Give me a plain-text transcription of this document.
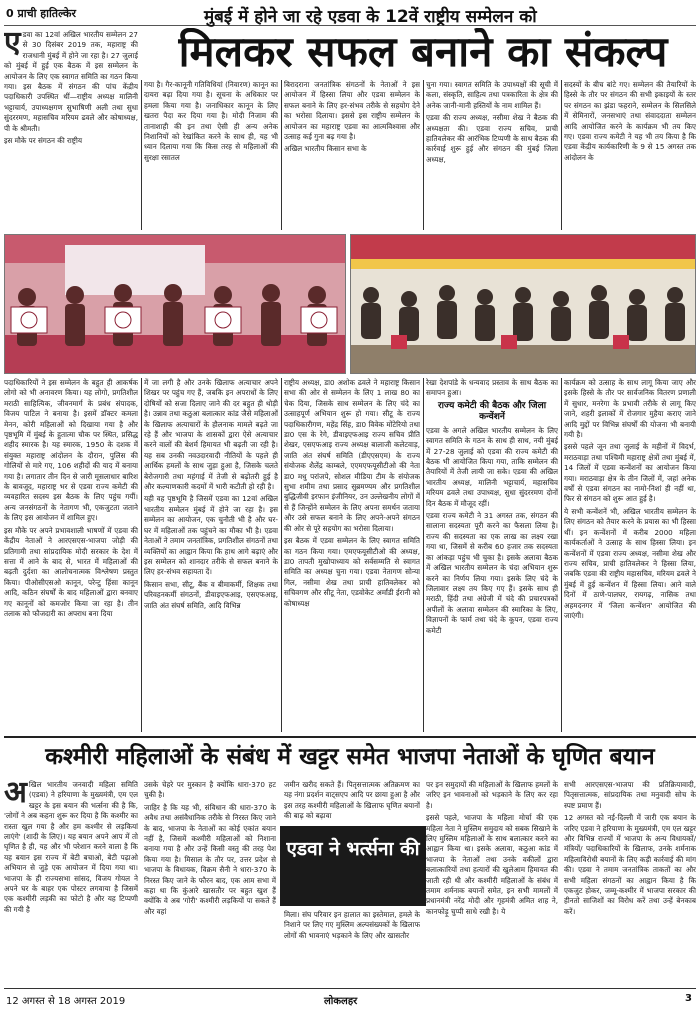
0 प्राची हातिल्केर	मुंबई में होने जा रहे एडवा के 12वें राष्ट्रीय सम्मेलन को
मिलकर सफल बनाने का संकल्प

एडवा का 12वां अखिल भारतीय सम्मेलन 27 से 30 दिसंबर 2019 तक, महाराष्ट्र की राजधानी मुंबई में होने जा रहा है। 27 जुलाई को मुंबई में हुई एक बैठक में इस सम्मेलन के आयोजन के लिए एक स्वागत समिति का गठन किया गया। इस बैठक में संगठन की पांच केंद्रीय पदाधिकारी उपस्थित थीं—राष्ट्रीय अध्यक्ष मालिनी भट्टाचार्य, उपाध्यक्षगण सुभाषिणी अली तथा सुधा सुंदररमण, महासचिव मरियम ढवले और कोषाध्यक्ष, पी के श्रीमती।

इस मौके पर संगठन की राष्ट्रीय

गया है। गैर-कानूनी गतिविधियां (निवारण) कानून का दायरा बढ़ा दिया गया है। सूचना के अधिकार पर हमला किया गया है। जनाधिकार कानून के लिए खतरा पैदा कर दिया गया है। मोदी निजाम की तानाशाही की इन तथा ऐसी ही अन्य अनेक निशानियों को रेखांकित करने के साथ ही, यह भी ध्यान दिलाया गया कि किस तरह से महिलाओं की सुरक्षा रसातल

बिरादराना जनतांत्रिक संगठनों के नेताओं ने इस आयोजन में हिस्सा लिया और एडवा सम्मेलन के सफल बनाने के लिए हर-संभव तरीके से सहयोग देने का भरोसा दिलाया। इससे इस राष्ट्रीय सम्मेलन के आयोजन का महाराष्ट्र एडवा का आत्मविश्वास और उत्साह कई गुना बढ़ गया है।

अखिल भारतीय किसान सभा के

चुना गया। स्वागत समिति के उपाध्यक्षों की सूची में कला, संस्कृति, साहित्य तथा पत्रकारिता के क्षेत्र की अनेक जानी-मानी हस्तियों के नाम शामिल हैं।

एडवा की राज्य अध्यक्ष, नसीमा शेख ने बैठक की अध्यक्षता की। एडवा राज्य सचिव, प्राची हातिवलेकर की आरंभिक टिप्पणी के साथ बैठक की कार्रवाई शुरू हुई और संगठन की मुंबई जिला अध्यक्ष,

सदस्यों के बीच बांटे गए। सम्मेलन की तैयारियों के हिस्से के तौर पर संगठन की सभी इकाइयों के स्तर पर संगठन का झंडा फहराने, सम्मेलन के सिलसिले में सेमिनारों, जनसभाएं तथा संवाददाता सम्मेलन आदि आयोजित करने के कार्यक्रम भी तय किए गए। एडवा राज्य कमेटी ने यह भी तय किया है कि एडवा केंद्रीय कार्यकारिणी के 9 से 15 अगस्त तक आंदोलन के

पदाधिकारियों ने इस सम्मेलन के बहुत ही आकर्षक लोगो को भी अनावरण किया। यह लोगो, प्रगतिशील मराठी साहित्यिक, जीवनमार्ग के प्रबंध संपादक, विजय पाटिल ने बनाया है। इसमें डॉक्टर कमला मेनन, कोरी महिलाओं को दिखाया गया है और पृष्ठभूमि में मुंबई के हुतात्मा चौक पर स्थित, प्रसिद्ध शहीद स्मारक है। यह स्मारक, 1950 के दशक में संयुक्त महाराष्ट्र आंदोलन के दौरान, पुलिस की गोलियों से मारे गए, 106 शहीदों की याद में बनाया गया है। लगातार तीन दिन से जारी मूसलाधार बारिश के बावजूद, महाराष्ट्र भर से एडवा राज्य कमेटी की व्यवहारित सदस्य इस बैठक के लिए पहुंच गयीं। अन्य जनसंगठनों के नेतागण भी, एकजुटता जताने के लिए इस आयोजन में शामिल हुए।

इस मौके पर अपने प्रभावशाली भाषणों में एडवा की केंद्रीय नेताओं ने आरएसएस-भाजपा जोड़ी की प्रतिगामी तथा सांप्रदायिक मोदी सरकार के देश में सत्ता में आने के बाद से, भारत में महिलाओं की बढ़ती दुर्दशा का आलोचनात्मक विश्लेषण प्रस्तुत किया। पीओसीएसओ कानून, परेन्टु हिंसा कानून आदि, कठिन संघर्षों के बाद महिलाओं द्वारा बनवाए गए कानूनों को कमजोर किया जा रहा है। तीन तलाक को फौजदारी का अपराध बना दिया

में जा लगी है और उनके खिलाफ अत्याचार अपने शिखर पर पहुंच गए हैं, जबकि इन अपराधों के लिए दोषियों को सजा दिलाए जाने की दर बहुत ही थोड़ी है। उन्नाव तथा कठुआ बलात्कार कांड जैसे महिलाओं के खिलाफ अत्याचारों के हौलनाक मामले बढ़ते जा रहे हैं और भाजपा के शासकों द्वारा ऐसे अत्याचार करने वालों की बेशर्म हिमायत भी बढ़ती जा रही है। यह सब उनकी नवउदारवादी नीतियों के पहले ही आर्थिक हमलों के साथ जुड़ा हुआ है, जिसके चलते बेरोजगारी तथा महंगाई में तेजी से बढ़ोतरी हुई है और कल्याणकारी कदमों में भारी कटौती हो रही है।

यही वह पृष्ठभूमि है जिसमें एडवा का 12वां अखिल भारतीय सम्मेलन मुंबई में होने जा रहा है। इस सम्मेलन का आयोजन, एक चुनौती भी है और घर-घर में महिलाओं तक पहुंचने का मौका भी है। एडवा नेताओं ने तमाम जनतांत्रिक, प्रगतिशील संगठनों तथा व्यक्तियों का आह्वान किया कि हाथ आगे बढ़ाएं और इस सम्मेलन को शानदार तरीके से सफल बनाने के लिए हर-संभव सहायता दें।

किसान सभा, सीटू, बैंक व बीमाकर्मी, शिक्षक तथा परिवहनकर्मी संगठनों, डीवाइएफआइ, एसएफआइ, जाति अंत संघर्ष समिति, आदि विभिन्न

राष्ट्रीय अध्यक्ष, डा0 अशोक ढवले ने महाराष्ट्र किसान सभा की ओर से सम्मेलन के लिए 1 लाख 80 का चेक दिया, जिसके साथ सम्मेलन के लिए चंदे का उत्साहपूर्ण अभियान शुरू हो गया। सीटू के राज्य पदाधिकारीगण, महेंद्र सिंह, डा0 विवेक मोंटेरियो तथा डा0 एस के रेगे, डीवाइएफआइ राज्य सचिव प्रीति शेखर, एसएफआइ राज्य अध्यक्ष बालाजी कलेटवाड़, जाति अंत संघर्ष समिति (डीएएसएम) के राज्य संयोजक शैलेंद्र काम्बले, एएमएफयूसीटीओ की नेता डा0 मधु परांजपे, सोशल मीडिया टीम के संयोजक सुभा शमीम तथा प्रसाद सुब्रमण्यम और प्रगतिशील बुद्धिजीवी इरफान इंजीनियर, उन उल्लेखनीय लोगों में से हैं जिन्होंने सम्मेलन के लिए अपना समर्थन जताया और उसे सफल बनाने के लिए अपने-अपने संगठन की ओर से पूरे सहयोग का भरोसा दिलाया।

इस बैठक में एडवा सम्मेलन के लिए स्वागत समिति का गठन किया गया। एमएफयूसीटीओ की अध्यक्ष, डा0 तापती मुखोपाध्याय को सर्वसम्मति से स्वागत समिति का अध्यक्ष चुना गया। एडवा नेतागण सोन्या गिल, नसीमा शेख तथा प्राची हातिवलेकर को सचिवगण और सीटू नेता, एडवोकेट अर्मांडी ईरानी को कोषाध्यक्ष

रेखा देशपांडे के धन्यवाद प्रस्ताव के साथ बैठक का समापन हुआ।

राज्य कमेटी की बैठक और जिला कन्वेंशनें

एडवा के अगले अखिल भारतीय सम्मेलन के लिए स्वागत समिति के गठन के साथ ही साथ, नयी मुंबई में 27-28 जुलाई को एडवा की राज्य कमेटी की बैठक भी आयोजित किया गया, ताकि सम्मेलन की तैयारियों में तेजी लायी जा सके। एडवा की अखिल भारतीय अध्यक्ष, मालिनी भट्टाचार्य, महासचिव मरियम ढवले तथा उपाध्यक्ष, सुधा सुंदररमण दोनों दिन बैठक में मौजूद रहीं।

एडवा राज्य कमेटी ने 31 अगस्त तक, संगठन की सालाना सदस्यता पूरी करने का फैसला लिया है। राज्य की सदस्यता का एक लाख का लक्ष्य रखा गया था, जिसमें से करीब 60 हजार तक सदस्यता का आंकड़ा पहुंच भी चुका है। इसके अलावा बैठक में अखिल भारतीय सम्मेलन के चंदा अभियान शुरू करने का निर्णय लिया गया। इसके लिए चंदे के जिलावार लक्ष्य तय किए गए हैं। इसके साथ ही मराठी, हिंदी तथा अंग्रेजी में चंदे की प्रचारपत्रकों अपीलों के अलावा सम्मेलन की स्मारिका के लिए, विज्ञापनों के फार्म तथा चंदे के कूपन, एडवा राज्य कमेटी

कार्यक्रम को उत्साह के साथ लागू किया जाए और इसके हिस्से के तौर पर सार्वजनिक वितरण प्रणाली में सुधार, मनरेगा के प्रभावी तरीके से लागू किए जाने, शहरी इलाकों में रोजगार मुहैया कराए जाने आदि मुद्दों पर विभिन्न संघर्षों की योजना भी बनायी गयी है।

इससे पहले जून तथा जुलाई के महीनों में विदर्भ, मराठवाड़ा तथा पश्चिमी महाराष्ट्र क्षेत्रों तथा मुंबई में, 14 जिलों में एडवा कन्वेंशनों का आयोजन किया गया। मराठवाड़ा क्षेत्र के तीन जिलों में, जहां अनेक वर्षों से एडवा संगठन का नामो-निशां ही नहीं था, फिर से संगठन को शुरू आत हुई है।

ये सभी कन्वेंशनें भी, अखिल भारतीय सम्मेलन के लिए संगठन को तैयार करने के प्रयास का भी हिस्सा थीं। इन कन्वेंशनों में करीब 2000 महिला कार्यकर्ताओं ने उत्साह के साथ हिस्सा लिया। इन कन्वेंशनों में एडवा राज्य अध्यक्ष, नसीमा शेख और राज्य सचिव, प्राची हातिवलेकर ने हिस्सा लिया, जबकि एडवा की राष्ट्रीय महासचिव, मरियम ढवले ने मुंबई में हुई कन्वेंशन में हिस्सा लिया। आने वाले दिनों में ठाणे-पालघर, रायगढ़, नासिक तथा अहमदनगर में 'जिला कन्वेंशन' आयोजित की जाएंगी।

कश्मीरी महिलाओं के संबंध में खट्टर समेत भाजपा नेताओं के घृणित बयान

अखिल भारतीय जनवादी महिला समिति (एडवा) ने हरियाणा के मुख्यमंत्री, एम एल खट्टर के इस बयान की भर्त्सना की है कि, 'लोगों ने अब कहना शुरू कर दिया है कि कश्मीर का रास्ता खुल गया है और हम कश्मीर से लड़कियां लाएंगे' (शादी के लिए)। यह बयान अपने आप में तो घृणित है ही, यह और भी परेशान करने वाला है कि यह बयान इस राज्य में बेटी बचाओ, बेटी पढ़ाओ अभियान से जुड़े एक आयोजन में दिया गया था। भाजपा के ही राज्यसभा सांसद, विजय गोयल ने अपने घर के बाहर एक पोस्टर लगवाया है जिसमें एक कश्मीरी लड़की का फोटो है और यह टिप्पणी की गयी है

उसके चेहरे पर मुस्कान है क्योंकि धारा-370 हट चुकी है।

जाहिर है कि यह भी, संविधान की धारा-370 के अवैध तथा असंवैधानिक तरीके से निरस्त किए जाने के बाद, भाजपा के नेताओं का कोई एकांत बयान नहीं है, जिसमें कश्मीरी महिलाओं को निशाना बनाया गया है और उन्हें किसी वस्तु की तरह पेश किया गया है। मिसाल के तौर पर, उत्तर प्रदेश से भाजपा के विधायक, विक्रम सैनी ने धारा-370 के निरस्त किए जाने के फौरन बाद, एक आम सभा में कहा था कि कुंआरे खासतौर पर बहुत खुश हैं क्योंकि वे अब 'गोरी' कश्मीरी लड़कियों पा सकते हैं और वहां

जमीन खरीद सकते हैं। पितृसत्तात्मक अतिक्रमण का यह नंगा प्रदर्शन वाट्सएप आदि पर छाया हुआ है और इस तरह कश्मीरी महिलाओं के खिलाफ घृणित बयानों की बाढ़ को बढ़ावा

एडवा ने भर्त्सना की

मिला। संघ परिवार इन हालात का इस्तेमाल, हमले के निशाने पर लिए गए मुस्लिम अल्पसंख्यकों के खिलाफ लोगों की भावनाएं भड़काने के लिए और खासतौर

पर इन समुदायों की महिलाओं के खिलाफ हमलों के जरिए इन भावनाओं को भड़काने के लिए कर रहा है।

इससे पहले, भाजपा के महिला मोर्चा की एक महिला नेता ने मुस्लिम समुदाय को सबक सिखाने के लिए मुस्लिम महिलाओं के साथ बलात्कार करने का आह्वान किया था। इसके अलावा, कठुआ कांड में भाजपा के नेताओं तथा उनके वकीलों द्वारा बलात्कारियों तथा हत्यारों की खुलेआम हिमायत की जाती रही थी और कश्मीरी महिलाओं के संबंध में तमाम शर्मनाक बयानों समेत, इन सभी मामलों में प्रधानमंत्री नरेंद्र मोदी और गृहमंत्री अमित शाह ने, कानफोड़ू चुप्पी साधे रखी है। ये

सभी आरएसएस-भाजपा की प्रतिक्रियावादी, पितृसत्तात्मक, सांप्रदायिक तथा मनुवादी सोच के स्पष्ट प्रमाण हैं।

12 अगस्त को नई-दिल्ली में जारी एक बयान के जरिए एडवा ने हरियाणा के मुख्यमंत्री, एम एल खट्टर और विभिन्न राज्यों में भाजपा के अन्य विधायकों/ मंत्रियों/ पदाधिकारियों के खिलाफ, उनके शर्मनाक महिलाविरोधी बयानों के लिए कड़ी कार्रवाई की मांग की। एडवा ने तमाम जनतांत्रिक ताकतों का और सभी महिला संगठनों का आह्वान किया है कि एकजुट होकर, जम्मू-कश्मीर में भाजपा सरकार की हीनतो साजिशों का विरोध करें तथा उन्हें बेनकाब करें।

12 अगस्त से 18 अगस्त 2019	लोकलहर	3
